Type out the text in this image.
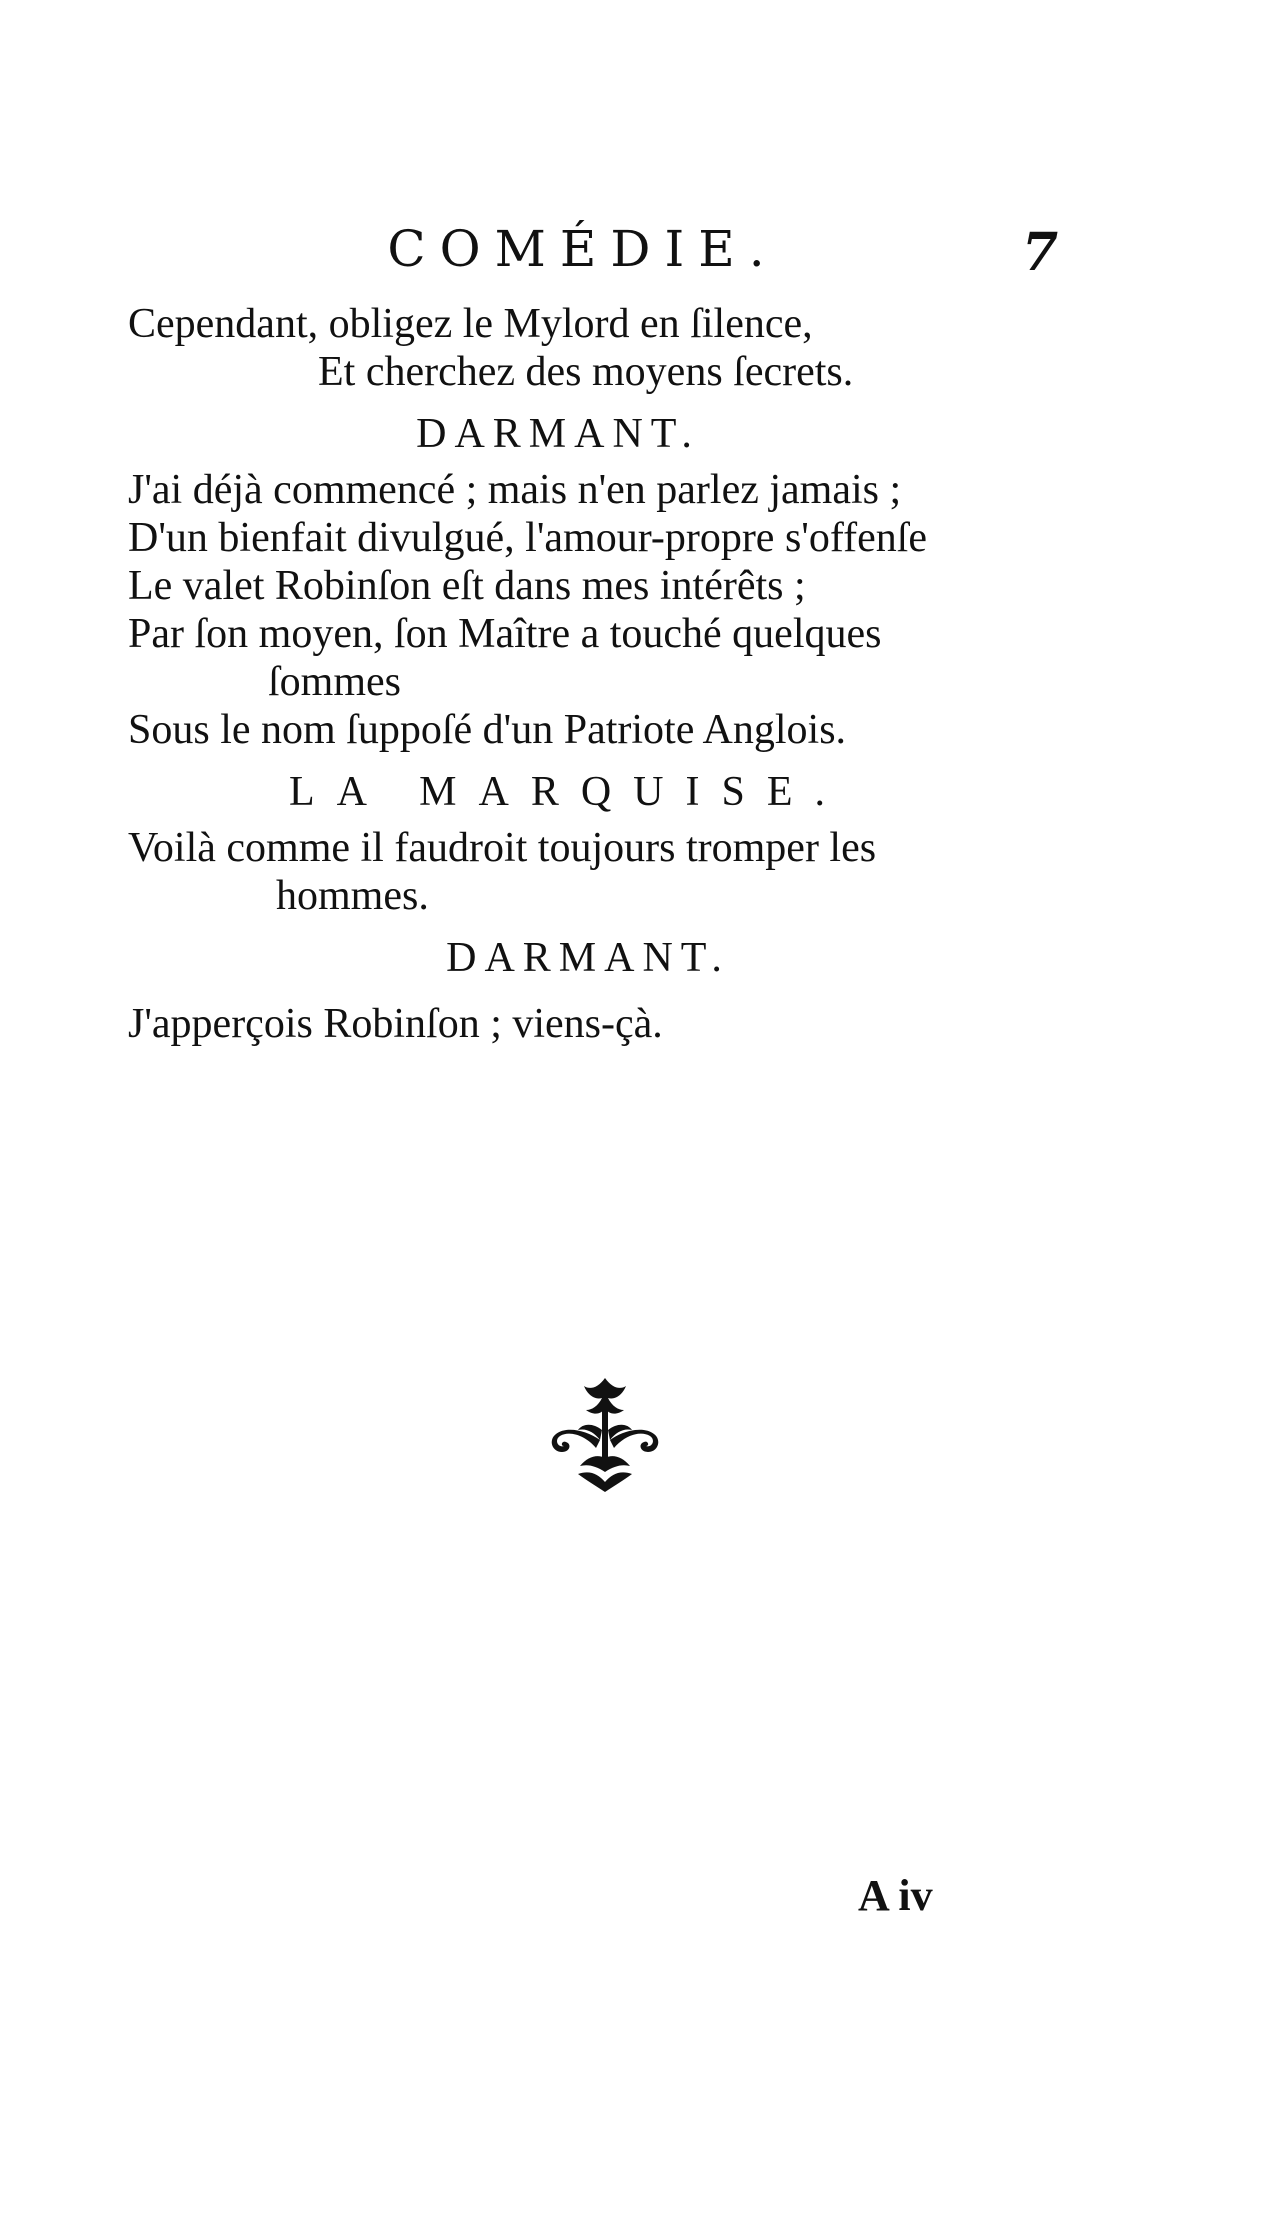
COMÉDIE.	7

Cependant, obligez le Mylord en ſilence,

Et cherchez des moyens ſecrets.

DARMANT.

J'ai déjà commencé ; mais n'en parlez jamais ;

D'un bienfait divulgué, l'amour-propre s'offenſe

Le valet Robinſon eſt dans mes intérêts ;

Par ſon moyen, ſon Maître a touché quelques

ſommes

Sous le nom ſuppoſé d'un Patriote Anglois.

LA MARQUISE.

Voilà comme il faudroit toujours tromper les

hommes.

DARMANT.

J'apperçois Robinſon ; viens-çà.

A iv
